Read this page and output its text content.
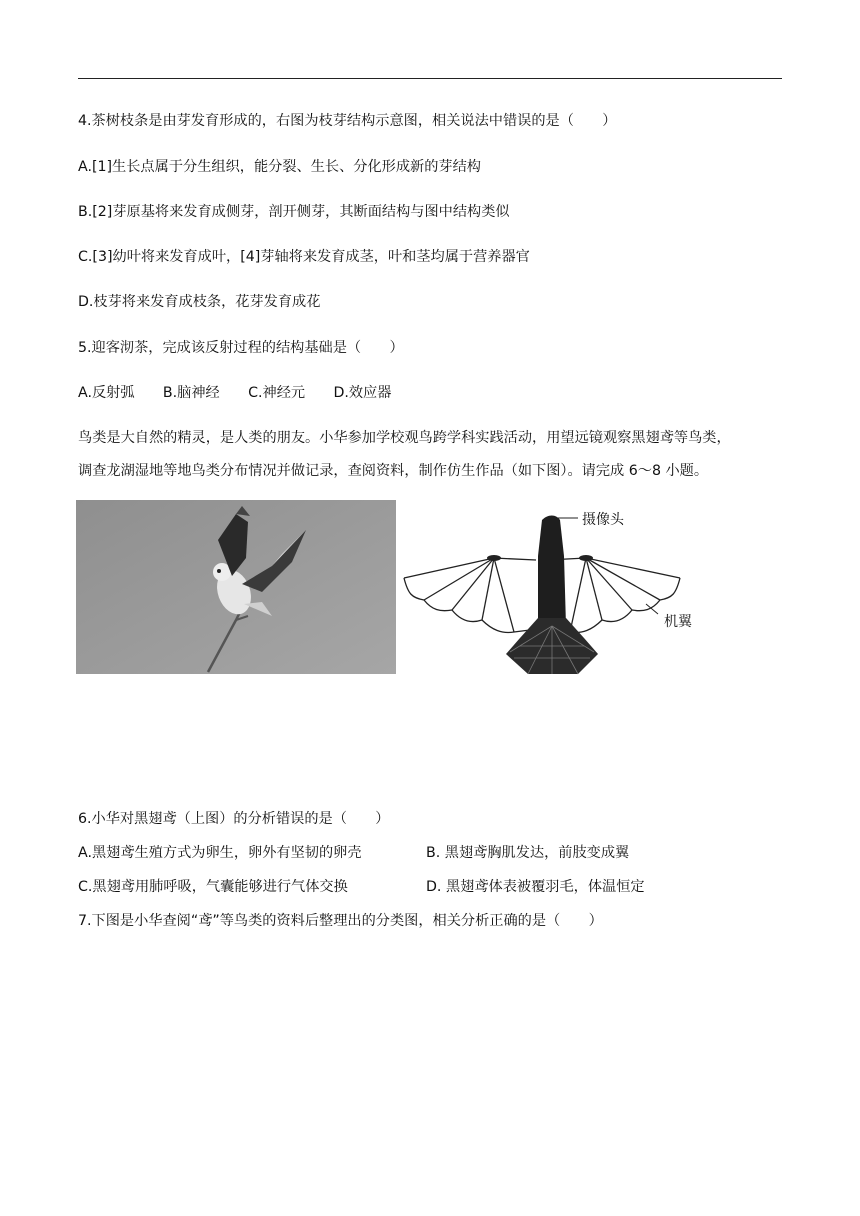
4.茶树枝条是由芽发育形成的，右图为枝芽结构示意图，相关说法中错误的是（　　）
A.[1]生长点属于分生组织，能分裂、生长、分化形成新的芽结构
B.[2]芽原基将来发育成侧芽，剖开侧芽，其断面结构与图中结构类似
C.[3]幼叶将来发育成叶，[4]芽轴将来发育成茎，叶和茎均属于营养器官
D.枝芽将来发育成枝条，花芽发育成花
5.迎客沏茶，完成该反射过程的结构基础是（　　）
A.反射弧　　B.脑神经　　C.神经元　　D.效应器
鸟类是大自然的精灵，是人类的朋友。小华参加学校观鸟跨学科实践活动，用望远镜观察黑翅鸢等鸟类，
调查龙湖湿地等地鸟类分布情况并做记录，查阅资料，制作仿生作品（如下图）。请完成 6～8 小题。
摄像头
机翼
6.小华对黑翅鸢（上图）的分析错误的是（　　）
A.黑翅鸢生殖方式为卵生，卵外有坚韧的卵壳	B. 黑翅鸢胸肌发达，前肢变成翼
C.黑翅鸢用肺呼吸，气囊能够进行气体交换	D. 黑翅鸢体表被覆羽毛，体温恒定
7.下图是小华查阅“鸢”等鸟类的资料后整理出的分类图，相关分析正确的是（　　）
